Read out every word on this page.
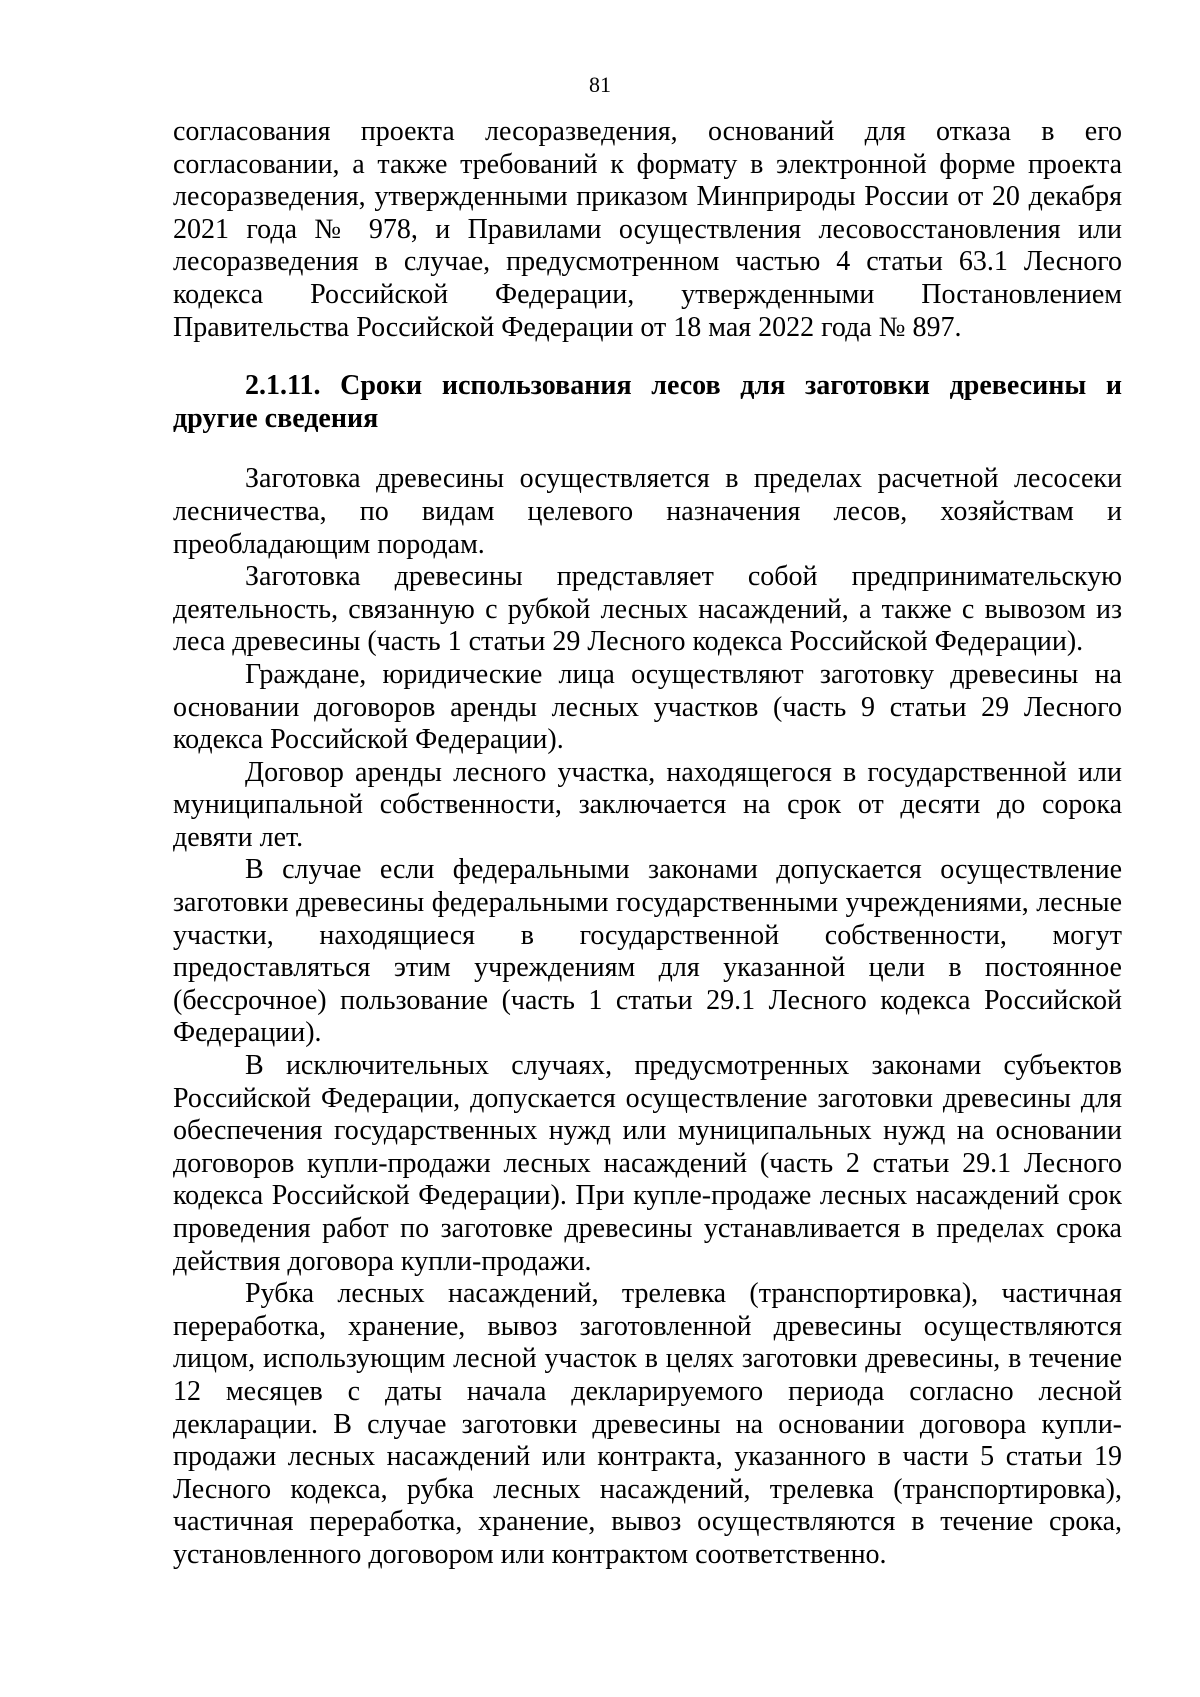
81

согласования проекта лесоразведения, оснований для отказа в его согласовании, а также требований к формату в электронной форме проекта лесоразведения, утвержденными приказом Минприроды России от 20 декабря 2021 года № 978, и Правилами осуществления лесовосстановления или лесоразведения в случае, предусмотренном частью 4 статьи 63.1 Лесного кодекса Российской Федерации, утвержденными Постановлением Правительства Российской Федерации от 18 мая 2022 года № 897.

2.1.11. Сроки использования лесов для заготовки древесины и другие сведения

Заготовка древесины осуществляется в пределах расчетной лесосеки лесничества, по видам целевого назначения лесов, хозяйствам и преобладающим породам.

Заготовка древесины представляет собой предпринимательскую деятельность, связанную с рубкой лесных насаждений, а также с вывозом из леса древесины (часть 1 статьи 29 Лесного кодекса Российской Федерации).

Граждане, юридические лица осуществляют заготовку древесины на основании договоров аренды лесных участков (часть 9 статьи 29 Лесного кодекса Российской Федерации).

Договор аренды лесного участка, находящегося в государственной или муниципальной собственности, заключается на срок от десяти до сорока девяти лет.

В случае если федеральными законами допускается осуществление заготовки древесины федеральными государственными учреждениями, лесные участки, находящиеся в государственной собственности, могут предоставляться этим учреждениям для указанной цели в постоянное (бессрочное) пользование (часть 1 статьи 29.1 Лесного кодекса Российской Федерации).

В исключительных случаях, предусмотренных законами субъектов Российской Федерации, допускается осуществление заготовки древесины для обеспечения государственных нужд или муниципальных нужд на основании договоров купли-продажи лесных насаждений (часть 2 статьи 29.1 Лесного кодекса Российской Федерации). При купле-продаже лесных насаждений срок проведения работ по заготовке древесины устанавливается в пределах срока действия договора купли-продажи.

Рубка лесных насаждений, трелевка (транспортировка), частичная переработка, хранение, вывоз заготовленной древесины осуществляются лицом, использующим лесной участок в целях заготовки древесины, в течение 12 месяцев с даты начала декларируемого периода согласно лесной декларации. В случае заготовки древесины на основании договора купли-продажи лесных насаждений или контракта, указанного в части 5 статьи 19 Лесного кодекса, рубка лесных насаждений, трелевка (транспортировка), частичная переработка, хранение, вывоз осуществляются в течение срока, установленного договором или контрактом соответственно.
